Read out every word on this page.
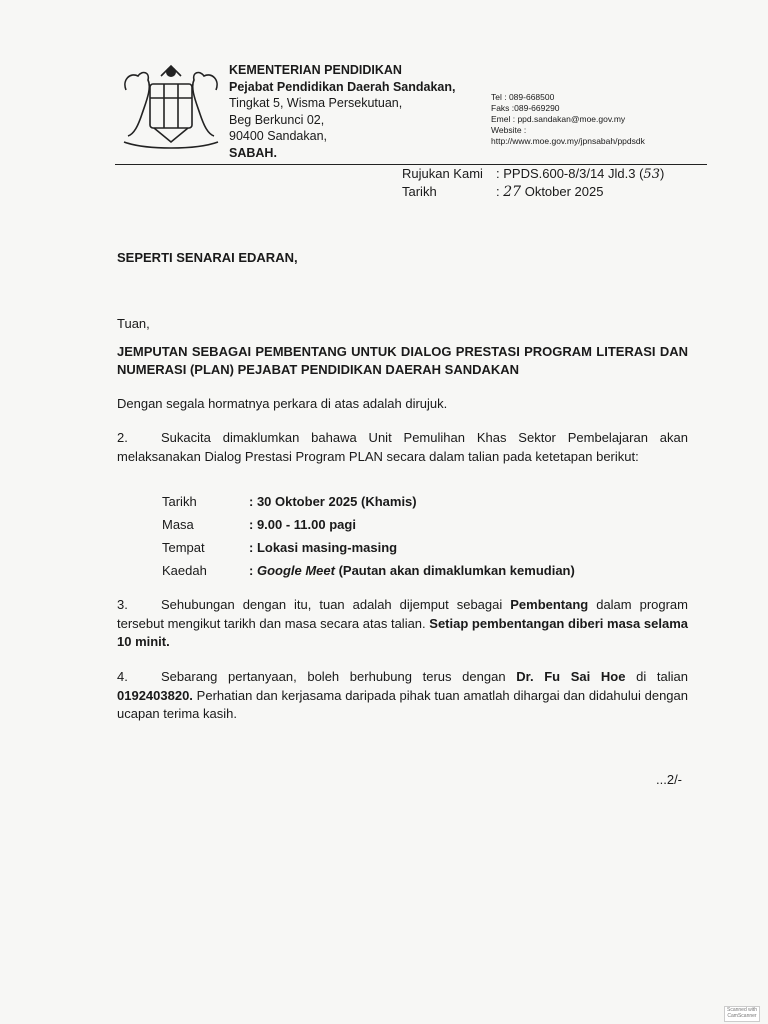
KEMENTERIAN PENDIDIKAN
Pejabat Pendidikan Daerah Sandakan,
Tingkat 5, Wisma Persekutuan,
Beg Berkunci 02,
90400 Sandakan,
SABAH.
Tel : 089-668500
Faks :089-669290
Emel : ppd.sandakan@moe.gov.my
Website :
http://www.moe.gov.my/jpnsabah/ppdsdk
Rujukan Kami : PPDS.600-8/3/14 Jld.3 (53)
Tarikh	: 27 Oktober 2025
SEPERTI SENARAI EDARAN,
Tuan,
JEMPUTAN SEBAGAI PEMBENTANG UNTUK DIALOG PRESTASI PROGRAM LITERASI DAN NUMERASI (PLAN) PEJABAT PENDIDIKAN DAERAH SANDAKAN
Dengan segala hormatnya perkara di atas adalah dirujuk.
2.	Sukacita dimaklumkan bahawa Unit Pemulihan Khas Sektor Pembelajaran akan melaksanakan Dialog Prestasi Program PLAN secara dalam talian pada ketetapan berikut:
Tarikh	: 30 Oktober 2025 (Khamis)
Masa	: 9.00 - 11.00 pagi
Tempat	: Lokasi masing-masing
Kaedah	: Google Meet (Pautan akan dimaklumkan kemudian)
3.	Sehubungan dengan itu, tuan adalah dijemput sebagai Pembentang dalam program tersebut mengikut tarikh dan masa secara atas talian. Setiap pembentangan diberi masa selama 10 minit.
4.	Sebarang pertanyaan, boleh berhubung terus dengan Dr. Fu Sai Hoe di talian 0192403820. Perhatian dan kerjasama daripada pihak tuan amatlah dihargai dan didahului dengan ucapan terima kasih.
...2/-
Scanned with
CamScanner
